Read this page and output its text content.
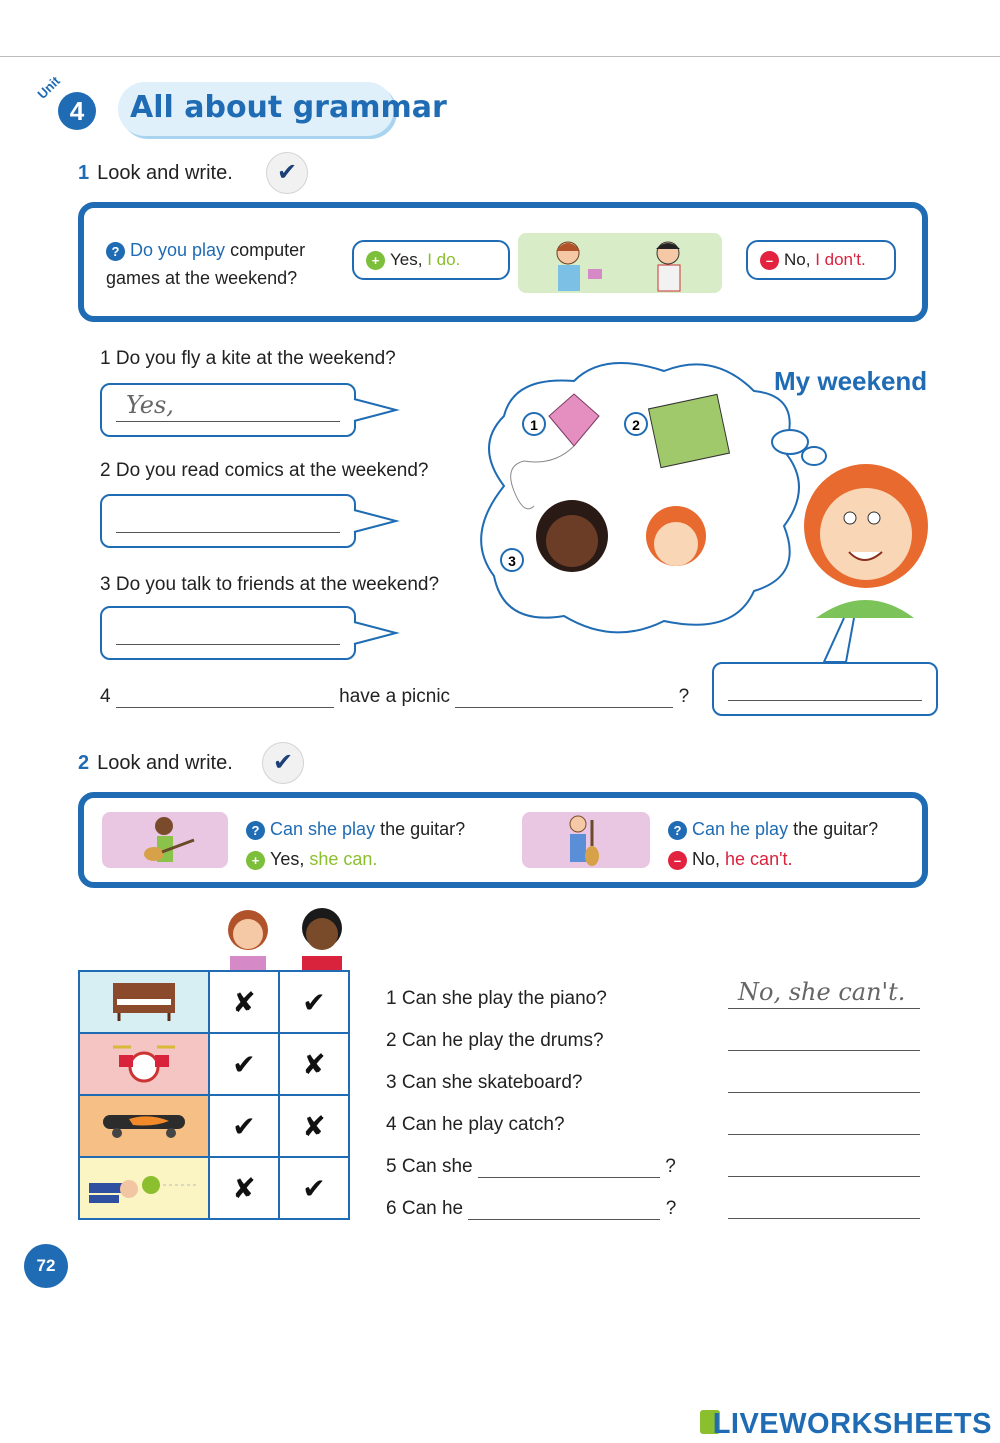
Unit
4	All about grammar
1 Look and write.	✔
? Do you play computer
games at the weekend?
+ Yes, I do.	– No, I don't.
1 Do you fly a kite at the weekend?
Yes,
2 Do you read comics at the weekend?
3 Do you talk to friends at the weekend?
4	have a picnic	?
1	2
3
My weekend
2 Look and write.	✔
? Can she play the guitar?
+ Yes, she can.
? Can he play the guitar?
– No, he can't.
	✘	✔
	✔	✘
	✔	✘
	✘	✔
1 Can she play the piano?	No, she can't.
2 Can he play the drums?
3 Can she skateboard?
4 Can he play catch?
5 Can she	?
6 Can he	?
72
LIVEWORKSHEETS
